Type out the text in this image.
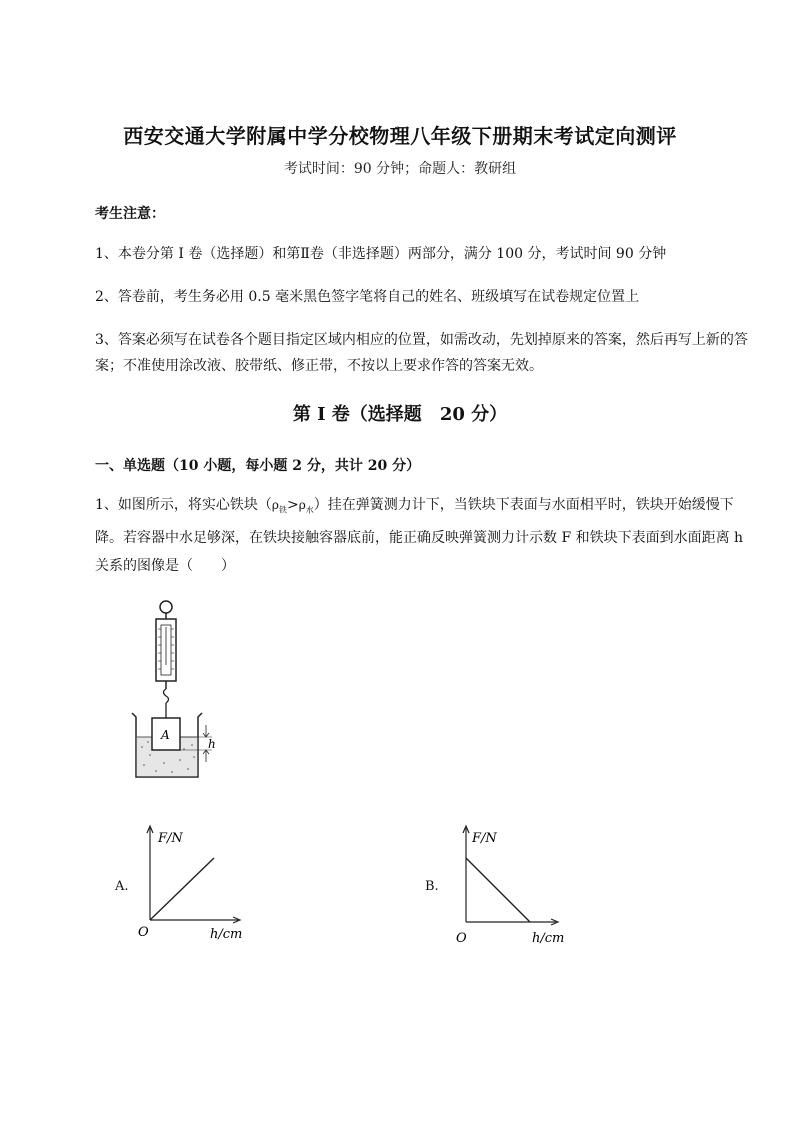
西安交通大学附属中学分校物理八年级下册期末考试定向测评
考试时间：90 分钟；命题人：教研组
考生注意：
1、本卷分第 I 卷（选择题）和第Ⅱ卷（非选择题）两部分，满分 100 分，考试时间 90 分钟
2、答卷前，考生务必用 0.5 毫米黑色签字笔将自己的姓名、班级填写在试卷规定位置上
3、答案必须写在试卷各个题目指定区域内相应的位置，如需改动，先划掉原来的答案，然后再写上新的答案；不准使用涂改液、胶带纸、修正带，不按以上要求作答的答案无效。
第 I 卷（选择题 20 分）
一、单选题（10 小题，每小题 2 分，共计 20 分）
1、如图所示，将实心铁块$(\rho_铁>\rho_水)$挂在弹簧测力计下，当铁块下表面与水面相平时，铁块开始缓慢下降。若容器中水足够深，在铁块接触容器底前，能正确反映弹簧测力计示数 F 和铁块下表面到水面距离 h 关系的图像是（　　）
A
h
A.
F/N
h/cm
O
B.
F/N
h/cm
O
